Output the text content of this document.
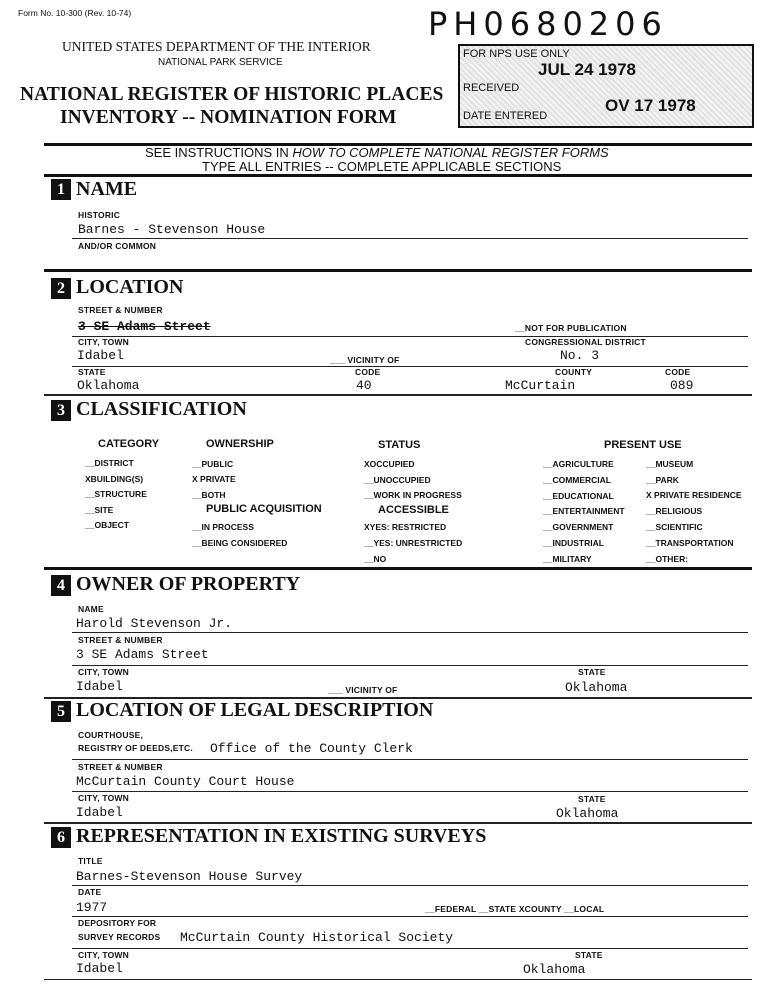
Form No. 10-300 (Rev. 10-74)
UNITED STATES DEPARTMENT OF THE INTERIOR
NATIONAL PARK SERVICE
NATIONAL REGISTER OF HISTORIC PLACES
INVENTORY -- NOMINATION FORM
PH0680206
FOR NPS USE ONLY
JUL 24 1978
RECEIVED
OV 17 1978
DATE ENTERED
SEE INSTRUCTIONS IN HOW TO COMPLETE NATIONAL REGISTER FORMS
TYPE ALL ENTRIES -- COMPLETE APPLICABLE SECTIONS
1 NAME
HISTORIC
Barnes - Stevenson House
AND/OR COMMON
2 LOCATION
STREET & NUMBER
3 SE Adams Street	__NOT FOR PUBLICATION
CITY, TOWN	CONGRESSIONAL DISTRICT
Idabel	___ VICINITY OF	No. 3
STATE	CODE	COUNTY	CODE
Oklahoma	40	McCurtain	089
3 CLASSIFICATION
CATEGORY
__DISTRICT
XBUILDING(S)
__STRUCTURE
__SITE
__OBJECT
OWNERSHIP
__PUBLIC
X PRIVATE
__BOTH
PUBLIC ACQUISITION
__IN PROCESS
__BEING CONSIDERED
STATUS
XOCCUPIED
__UNOCCUPIED
__WORK IN PROGRESS
ACCESSIBLE
XYES: RESTRICTED
__YES: UNRESTRICTED
__NO
PRESENT USE
__AGRICULTURE
__COMMERCIAL
__EDUCATIONAL
__ENTERTAINMENT
__GOVERNMENT
__INDUSTRIAL
__MILITARY
__MUSEUM
__PARK
X PRIVATE RESIDENCE
__RELIGIOUS
__SCIENTIFIC
__TRANSPORTATION
__OTHER:
4 OWNER OF PROPERTY
NAME
Harold Stevenson Jr.
STREET & NUMBER
3 SE Adams Street
CITY, TOWN	STATE
Idabel	___ VICINITY OF	Oklahoma
5 LOCATION OF LEGAL DESCRIPTION
COURTHOUSE,
REGISTRY OF DEEDS,ETC. Office of the County Clerk
STREET & NUMBER
McCurtain County Court House
CITY, TOWN	STATE
Idabel	Oklahoma
6 REPRESENTATION IN EXISTING SURVEYS
TITLE
Barnes-Stevenson House Survey
DATE
1977	__FEDERAL __STATE XCOUNTY __LOCAL
DEPOSITORY FOR
SURVEY RECORDS McCurtain County Historical Society
CITY, TOWN	STATE
Idabel	Oklahoma
